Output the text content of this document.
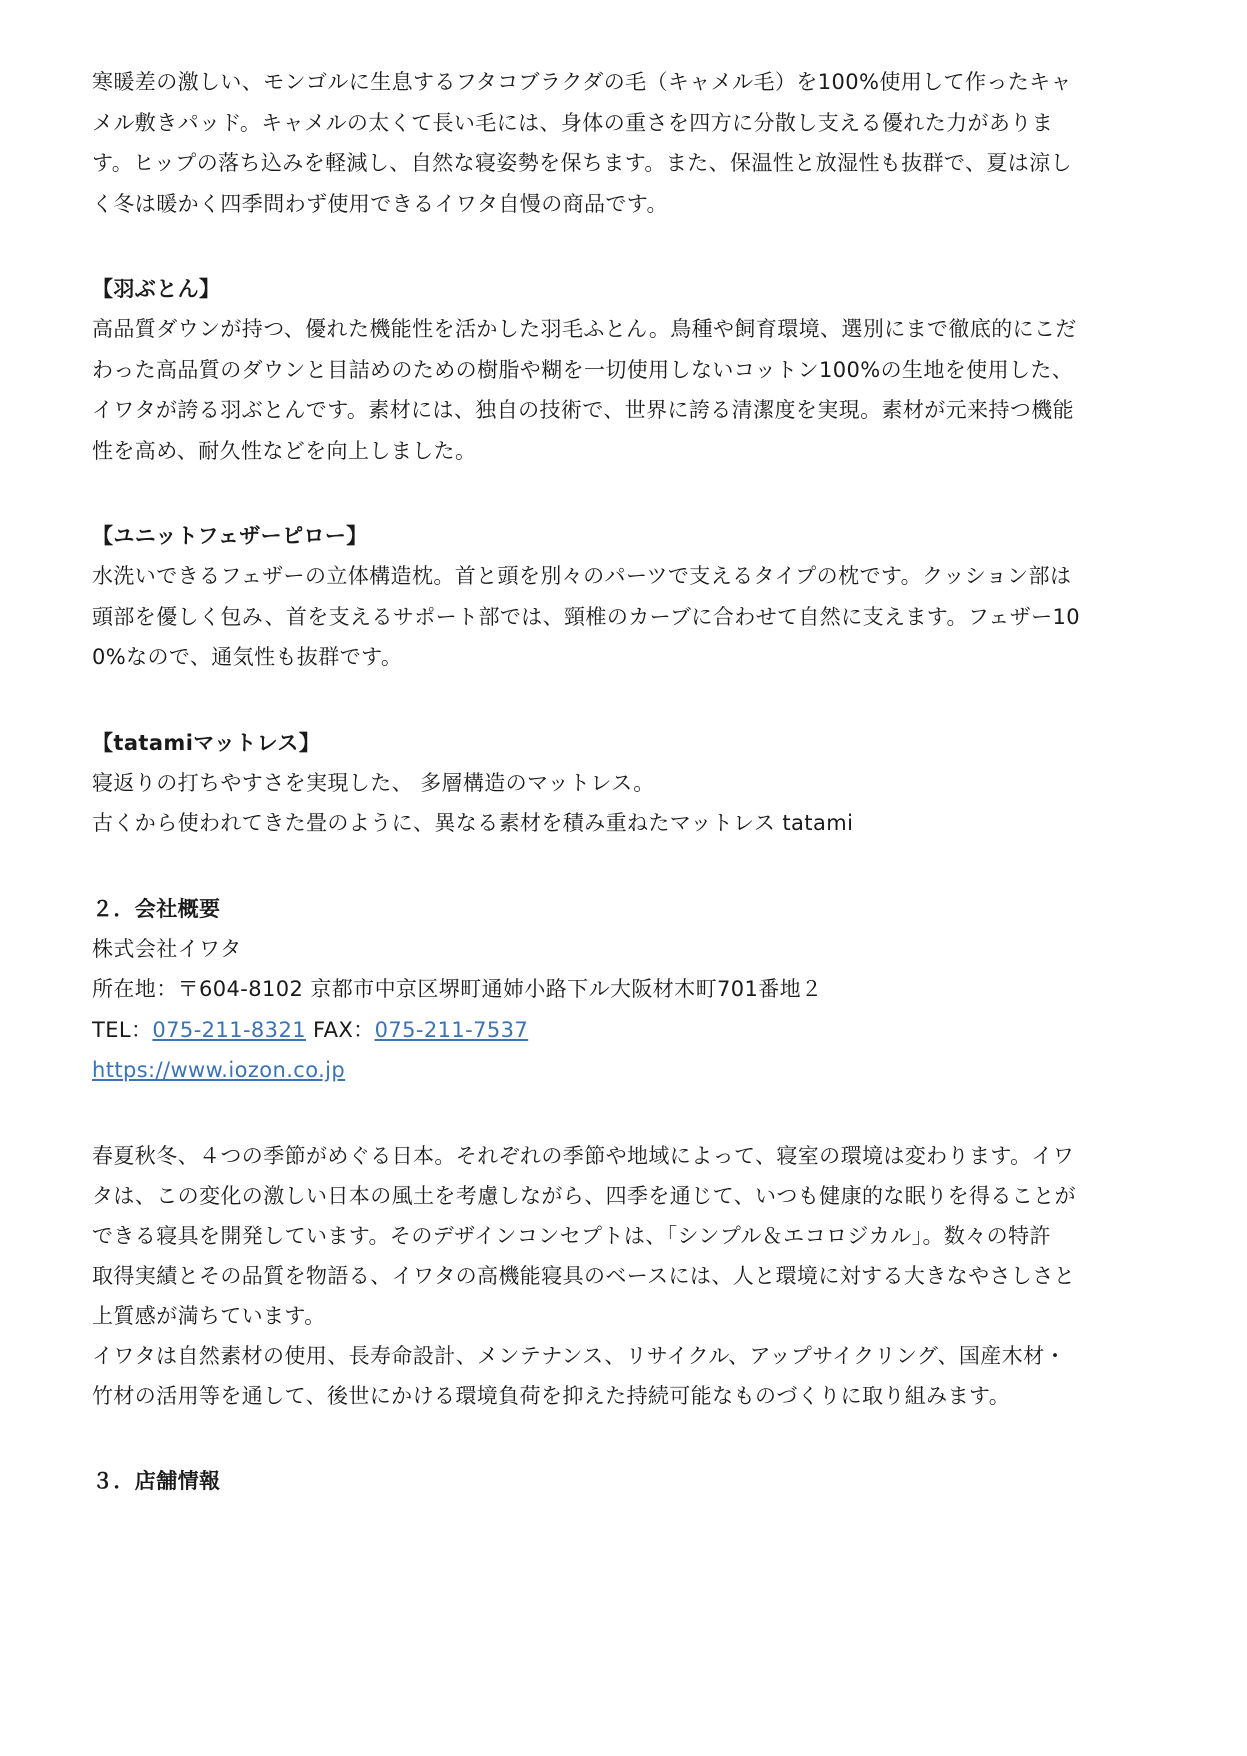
寒暖差の激しい、モンゴルに生息するフタコブラクダの毛（キャメル毛）を100%使用して作ったキャ
メル敷きパッド。キャメルの太くて長い毛には、身体の重さを四方に分散し支える優れた力がありま
す。ヒップの落ち込みを軽減し、自然な寝姿勢を保ちます。また、保温性と放湿性も抜群で、夏は涼し
く冬は暖かく四季問わず使用できるイワタ自慢の商品です。

【羽ぶとん】

高品質ダウンが持つ、優れた機能性を活かした羽毛ふとん。鳥種や飼育環境、選別にまで徹底的にこだ
わった高品質のダウンと目詰めのための樹脂や糊を一切使用しないコットン100%の生地を使用した、
イワタが誇る羽ぶとんです。素材には、独自の技術で、世界に誇る清潔度を実現。素材が元来持つ機能
性を高め、耐久性などを向上しました。

【ユニットフェザーピロー】

水洗いできるフェザーの立体構造枕。首と頭を別々のパーツで支えるタイプの枕です。クッション部は
頭部を優しく包み、首を支えるサポート部では、頸椎のカーブに合わせて自然に支えます。フェザー10
0%なので、通気性も抜群です。

【tatamiマットレス】

寝返りの打ちやすさを実現した、 多層構造のマットレス。
古くから使われてきた畳のように、異なる素材を積み重ねたマットレス tatami

２．会社概要

株式会社イワタ
所在地：〒604-8102 京都市中京区堺町通姉小路下ル大阪材木町701番地２
TEL：075-211-8321 FAX：075-211-7537
https://www.iozon.co.jp

春夏秋冬、４つの季節がめぐる日本。それぞれの季節や地域によって、寝室の環境は変わります。イワ
タは、この変化の激しい日本の風土を考慮しながら、四季を通じて、いつも健康的な眠りを得ることが
できる寝具を開発しています。そのデザインコンセプトは、「シンプル＆エコロジカル」。数々の特許
取得実績とその品質を物語る、イワタの高機能寝具のベースには、人と環境に対する大きなやさしさと
上質感が満ちています。
イワタは自然素材の使用、長寿命設計、メンテナンス、リサイクル、アップサイクリング、国産木材・
竹材の活用等を通して、後世にかける環境負荷を抑えた持続可能なものづくりに取り組みます。

３．店舗情報
